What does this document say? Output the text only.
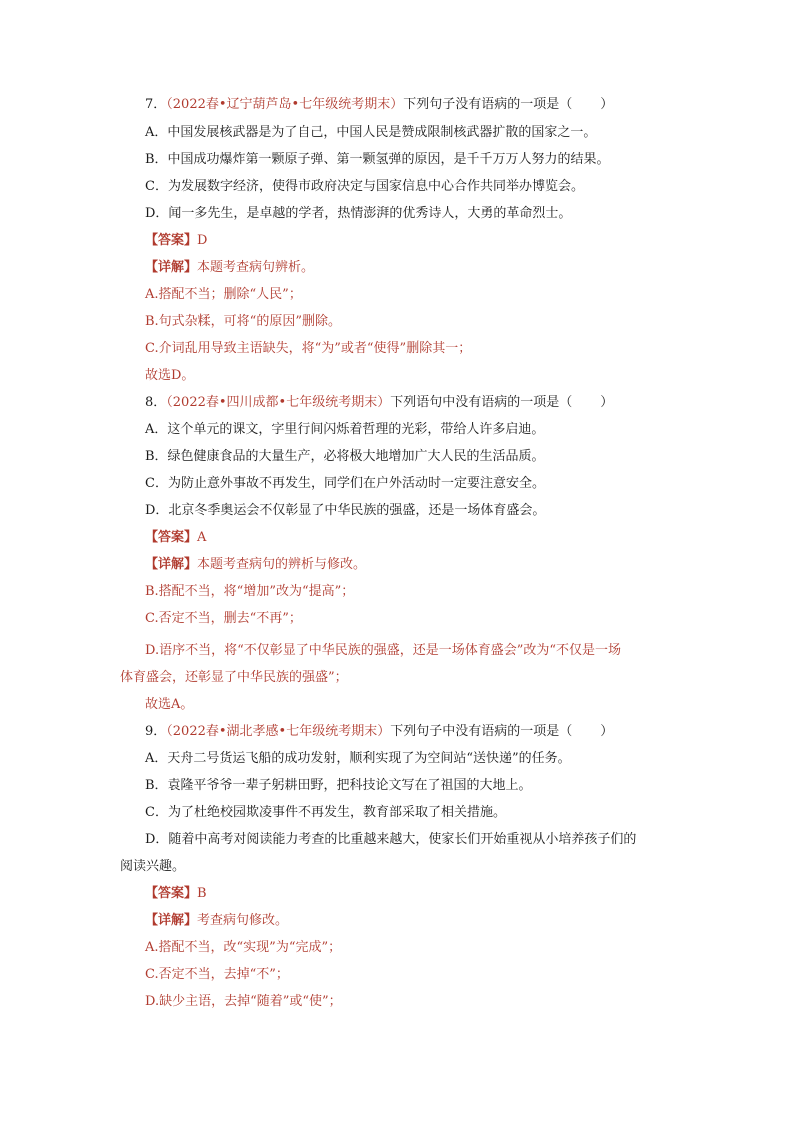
7．（2022春•辽宁葫芦岛•七年级统考期末）下列句子没有语病的一项是（ ）
A．中国发展核武器是为了自己，中国人民是赞成限制核武器扩散的国家之一。
B．中国成功爆炸第一颗原子弹、第一颗氢弹的原因，是千千万万人努力的结果。
C．为发展数字经济，使得市政府决定与国家信息中心合作共同举办博览会。
D．闻一多先生，是卓越的学者，热情澎湃的优秀诗人，大勇的革命烈士。
【答案】D
【详解】本题考查病句辨析。
A.搭配不当；删除“人民”；
B.句式杂糅，可将“的原因”删除。
C.介词乱用导致主语缺失，将“为”或者“使得”删除其一；
故选D。
8．（2022春•四川成都•七年级统考期末）下列语句中没有语病的一项是（ ）
A．这个单元的课文，字里行间闪烁着哲理的光彩，带给人许多启迪。
B．绿色健康食品的大量生产，必将极大地增加广大人民的生活品质。
C．为防止意外事故不再发生，同学们在户外活动时一定要注意安全。
D．北京冬季奥运会不仅彰显了中华民族的强盛，还是一场体育盛会。
【答案】A
【详解】本题考查病句的辨析与修改。
B.搭配不当，将“增加”改为“提高”；
C.否定不当，删去“不再”；
D.语序不当，将“不仅彰显了中华民族的强盛，还是一场体育盛会”改为“不仅是一场
体育盛会，还彰显了中华民族的强盛”；
故选A。
9．（2022春•湖北孝感•七年级统考期末）下列句子中没有语病的一项是（ ）
A．天舟二号货运飞船的成功发射，顺利实现了为空间站“送快递”的任务。
B．袁隆平爷爷一辈子躬耕田野，把科技论文写在了祖国的大地上。
C．为了杜绝校园欺凌事件不再发生，教育部采取了相关措施。
D．随着中高考对阅读能力考查的比重越来越大，使家长们开始重视从小培养孩子们的
阅读兴趣。
【答案】B
【详解】考查病句修改。
A.搭配不当，改“实现”为“完成”；
C.否定不当，去掉“不”；
D.缺少主语，去掉“随着”或“使”；
